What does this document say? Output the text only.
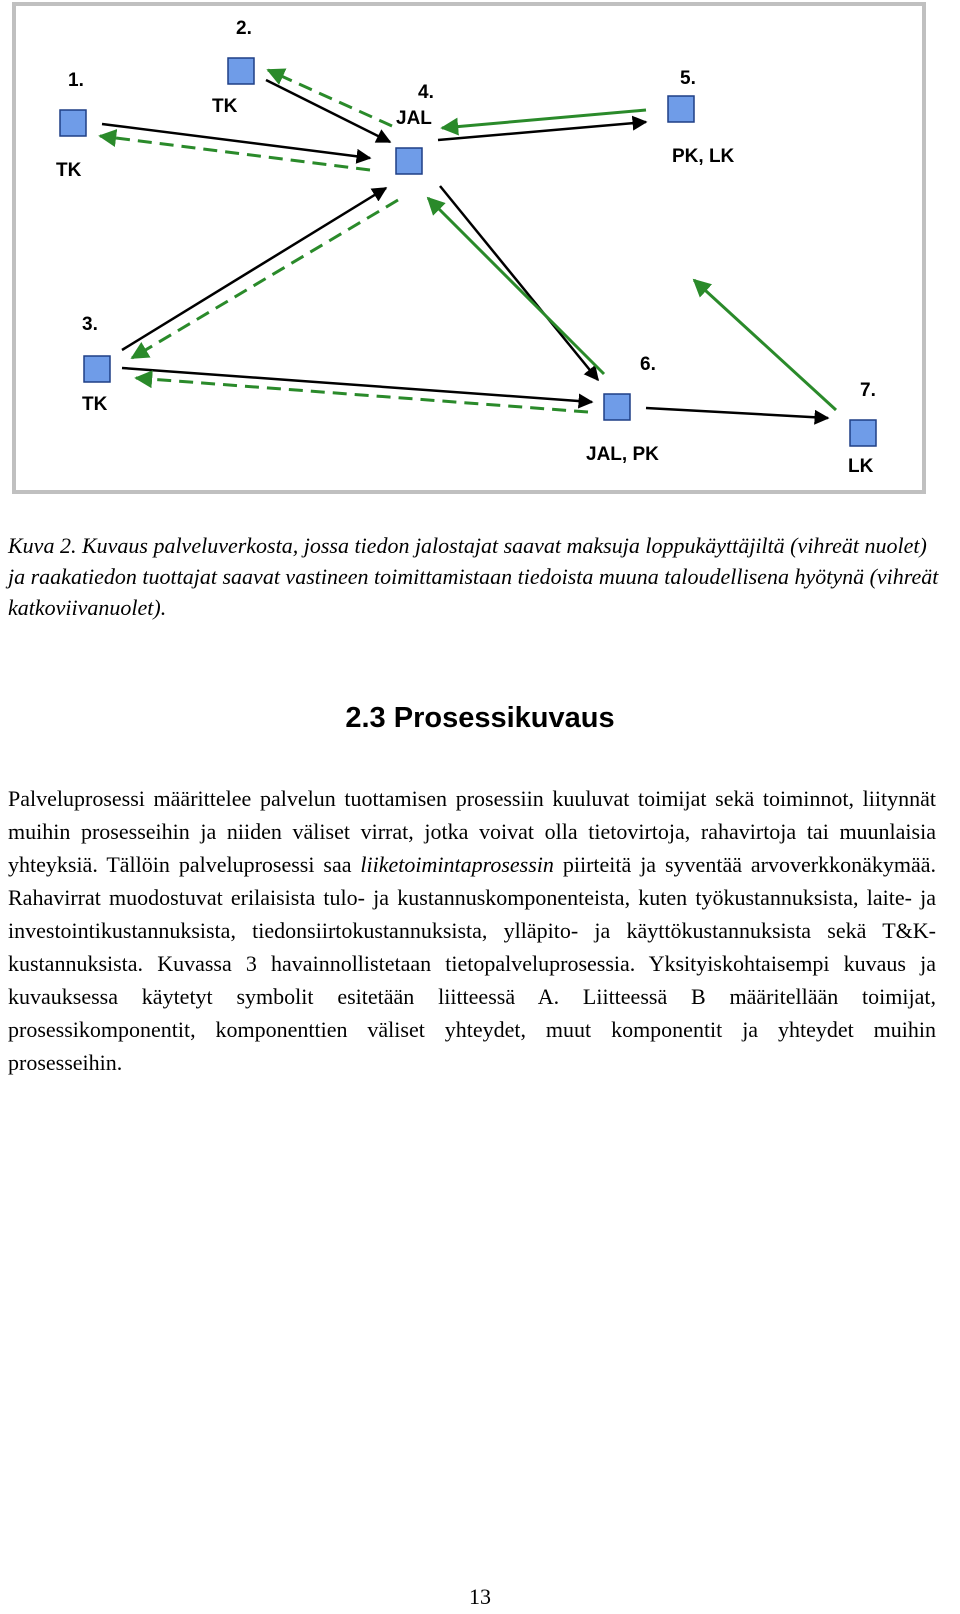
1.
TK
2.
TK
3.
TK
4.
JAL
5.
PK, LK
6.
JAL, PK
7.
LK

Kuva 2. Kuvaus palveluverkosta, jossa tiedon jalostajat saavat maksuja loppukäyttäjiltä (vihreät nuolet) ja raakatiedon tuottajat saavat vastineen toimittamistaan tiedoista muuna taloudellisena hyötynä (vihreät katkoviivanuolet).

2.3 Prosessikuvaus

Palveluprosessi määrittelee palvelun tuottamisen prosessiin kuuluvat toimijat sekä toiminnot, liitynnät muihin prosesseihin ja niiden väliset virrat, jotka voivat olla tietovirtoja, rahavirtoja tai muunlaisia yhteyksiä. Tällöin palveluprosessi saa liiketoimintaprosessin piirteitä ja syventää arvoverkkonäkymää. Rahavirrat muodostuvat erilaisista tulo- ja kustannuskomponenteista, kuten työkustannuksista, laite- ja investointikustannuksista, tiedonsiirtokustannuksista, ylläpito- ja käyttökustannuksista sekä T&K-kustannuksista. Kuvassa 3 havainnollistetaan tietopalveluprosessia. Yksityiskohtaisempi kuvaus ja kuvauksessa käytetyt symbolit esitetään liitteessä A. Liitteessä B määritellään toimijat, prosessikomponentit, komponenttien väliset yhteydet, muut komponentit ja yhteydet muihin prosesseihin.

13
